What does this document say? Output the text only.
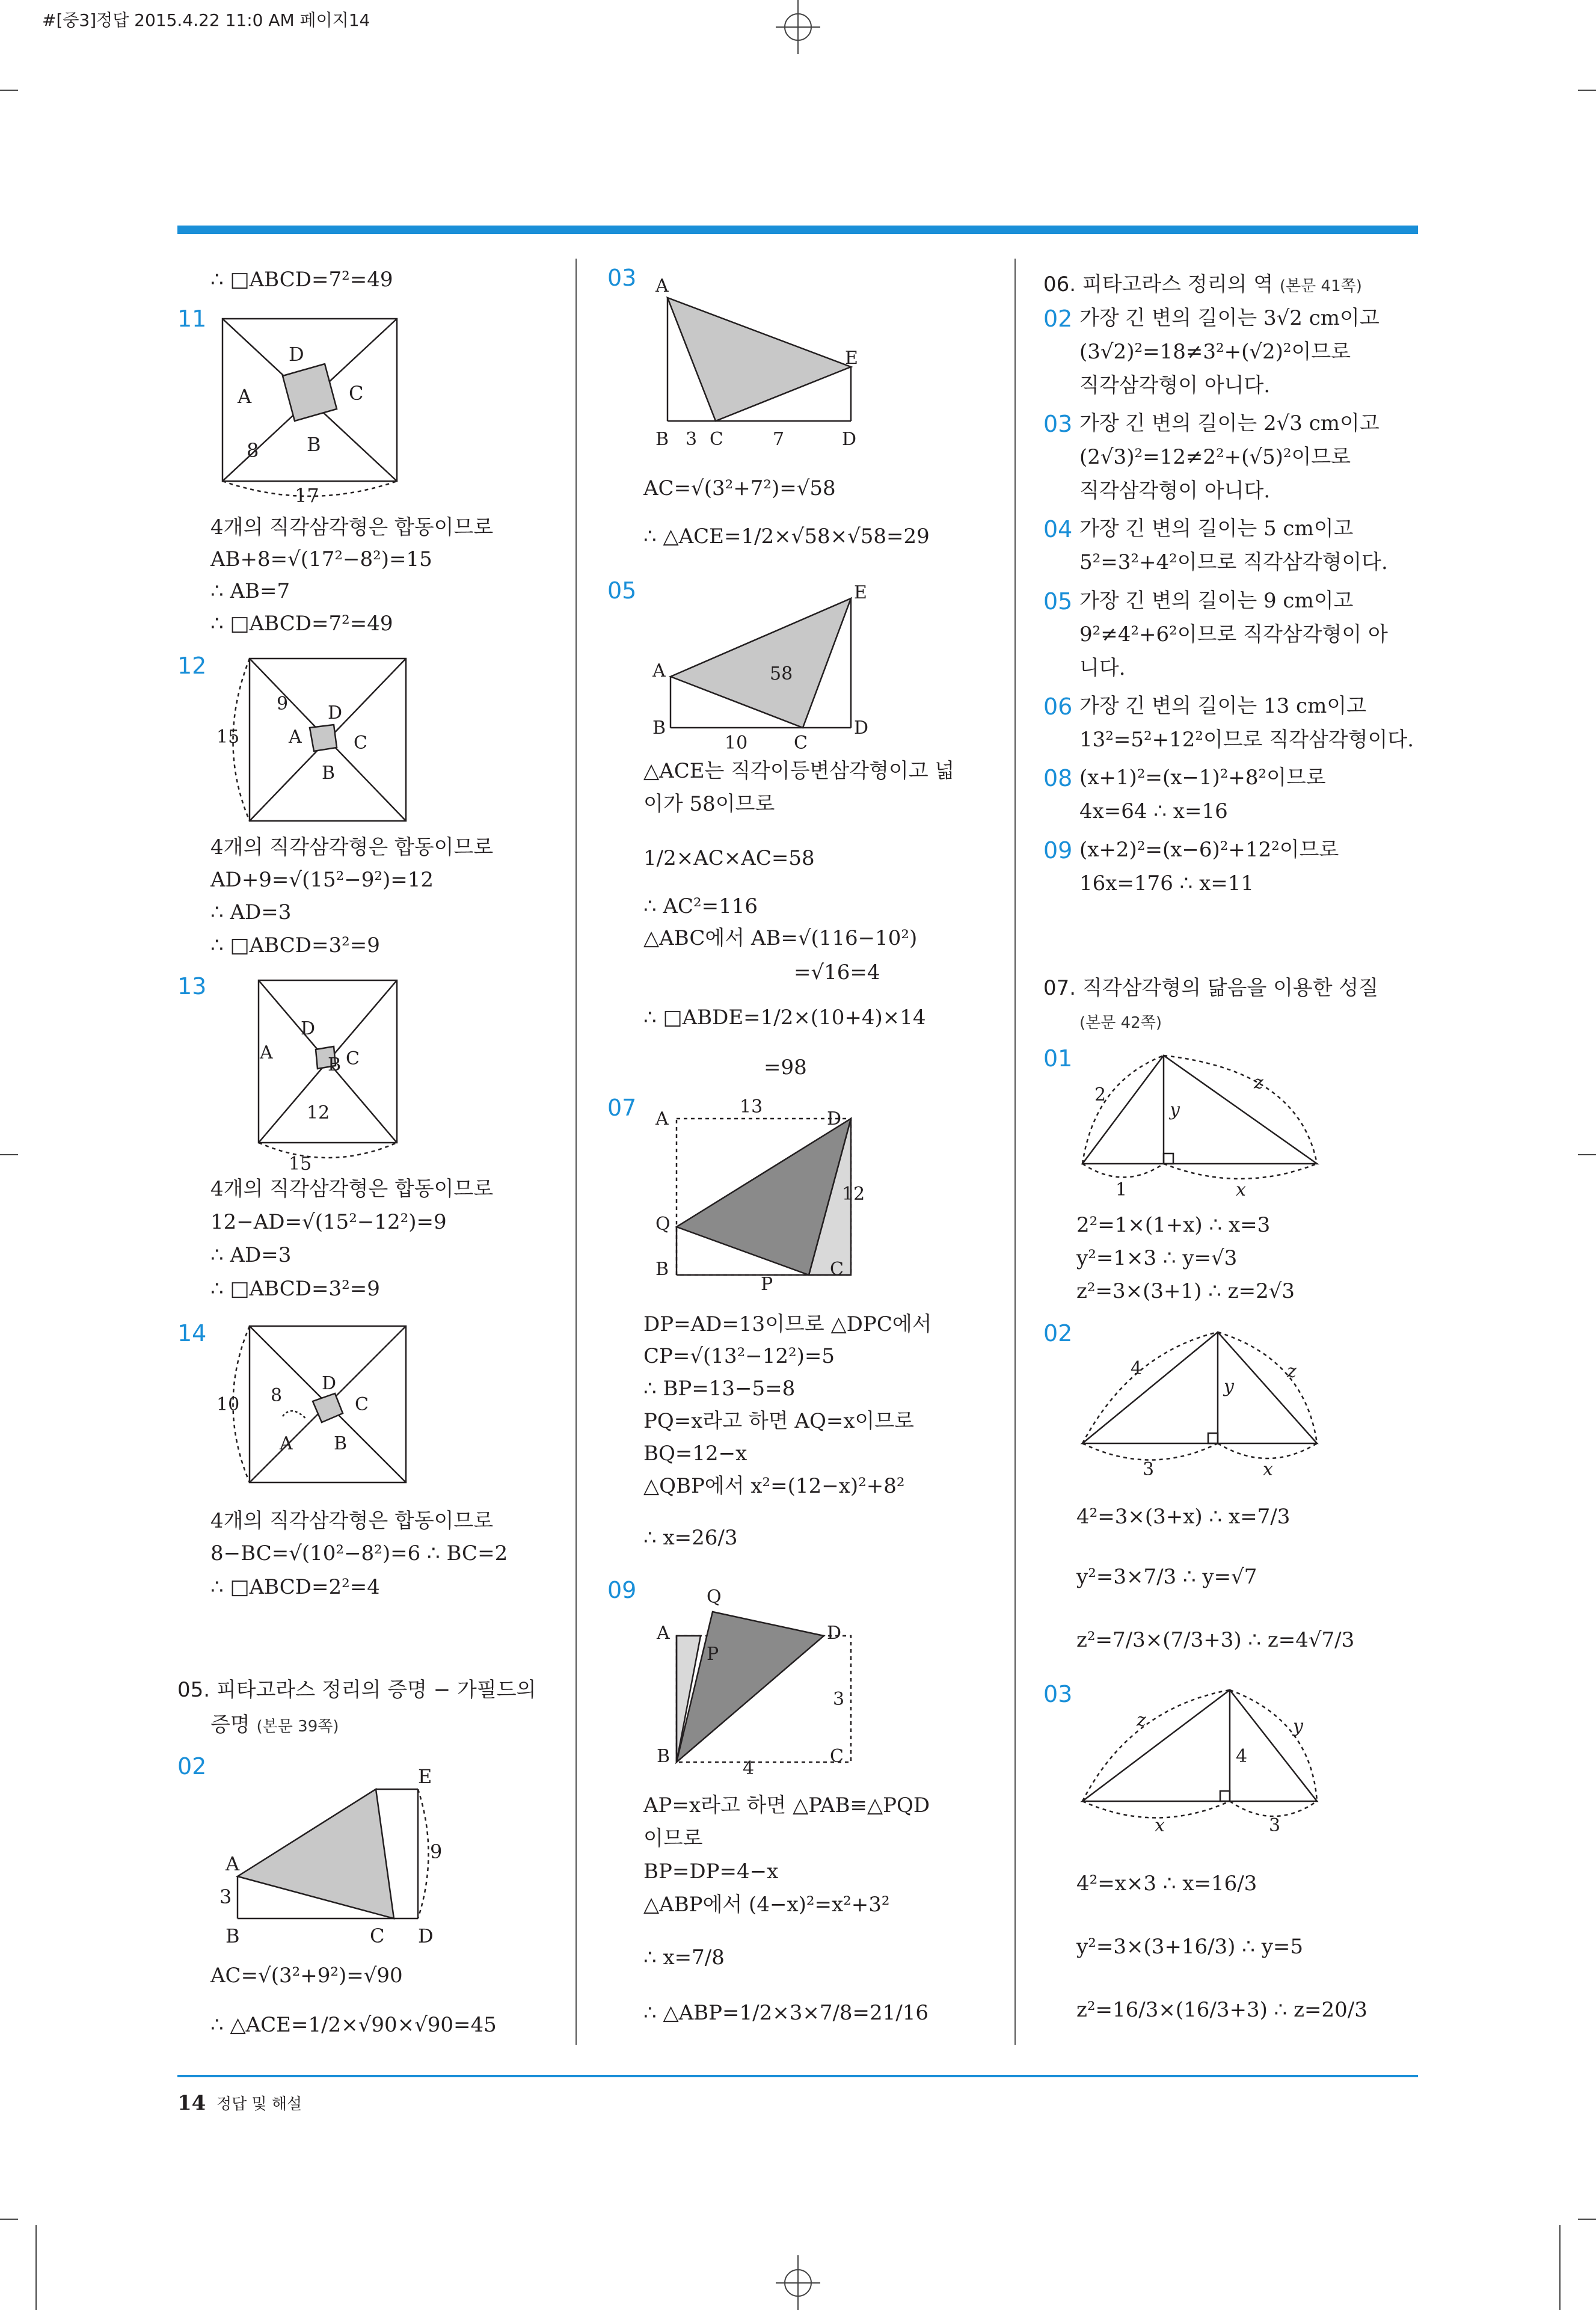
#[중3]정답 2015.4.22 11:0 AM 페이지14
14 정답 및 해설
∴ □ABCD=7²=49
11
D
A	C
B
8
17
4개의 직각삼각형은 합동이므로
AB+8=√(17²−8²)=15
∴ AB=7
∴ □ABCD=7²=49
12
D
A	C
B
9
15
4개의 직각삼각형은 합동이므로
AD+9=√(15²−9²)=12
∴ AD=3
∴ □ABCD=3²=9
13
D
A
B C
12
15
4개의 직각삼각형은 합동이므로
12−AD=√(15²−12²)=9
∴ AD=3
∴ □ABCD=3²=9
14
D
C
A B
8
10
4개의 직각삼각형은 합동이므로
8−BC=√(10²−8²)=6 ∴ BC=2
∴ □ABCD=2²=4
05. 피타고라스 정리의 증명 − 가필드의
증명 (본문 39쪽)
02	E
A
3
9
B	C D
AC=√(3²+9²)=√90
∴ △ACE=1/2×√90×√90=45
03 A
E
B 3 C	7	D
AC=√(3²+7²)=√58
∴ △ACE=1/2×√58×√58=29
05	E
A	58
B
10	C
D
△ACE는 직각이등변삼각형이고 넓
이가 58이므로
1/2×AC×AC=58
∴ AC²=116
△ABC에서 AB=√(116−10²)
=√16=4
∴ □ABDE=1/2×(10+4)×14
=98
07 A
13
D
12
Q
B
P
C
DP=AD=13이므로 △DPC에서
CP=√(13²−12²)=5
∴ BP=13−5=8
PQ=x라고 하면 AQ=x이므로
BQ=12−x
△QBP에서 x²=(12−x)²+8²
∴ x=26/3
09	Q
A
P
D
3
B
4
C
AP=x라고 하면 △PAB≡△PQD
이므로
BP=DP=4−x
△ABP에서 (4−x)²=x²+3²
∴ x=7/8
∴ △ABP=1/2×3×7/8=21/16
06. 피타고라스 정리의 역 (본문 41쪽)
02 가장 긴 변의 길이는 3√2 cm이고
(3√2)²=18≠3²+(√2)²이므로
직각삼각형이 아니다.
03 가장 긴 변의 길이는 2√3 cm이고
(2√3)²=12≠2²+(√5)²이므로
직각삼각형이 아니다.
04 가장 긴 변의 길이는 5 cm이고
5²=3²+4²이므로 직각삼각형이다.
05 가장 긴 변의 길이는 9 cm이고
9²≠4²+6²이므로 직각삼각형이 아
니다.
06 가장 긴 변의 길이는 13 cm이고
13²=5²+12²이므로 직각삼각형이다.
08 (x+1)²=(x−1)²+8²이므로
4x=64 ∴ x=16
09 (x+2)²=(x−6)²+12²이므로
16x=176 ∴ x=11
07. 직각삼각형의 닮음을 이용한 성질
(본문 42쪽)
01
2
y
z
1	x
2²=1×(1+x) ∴ x=3
y²=1×3 ∴ y=√3
z²=3×(3+1) ∴ z=2√3
02
4
y
z
3	x
4²=3×(3+x) ∴ x=7/3
y²=3×7/3 ∴ y=√7
z²=7/3×(7/3+3) ∴ z=4√7/3
03
z
4
y
x	3
4²=x×3 ∴ x=16/3
y²=3×(3+16/3) ∴ y=5
z²=16/3×(16/3+3) ∴ z=20/3
